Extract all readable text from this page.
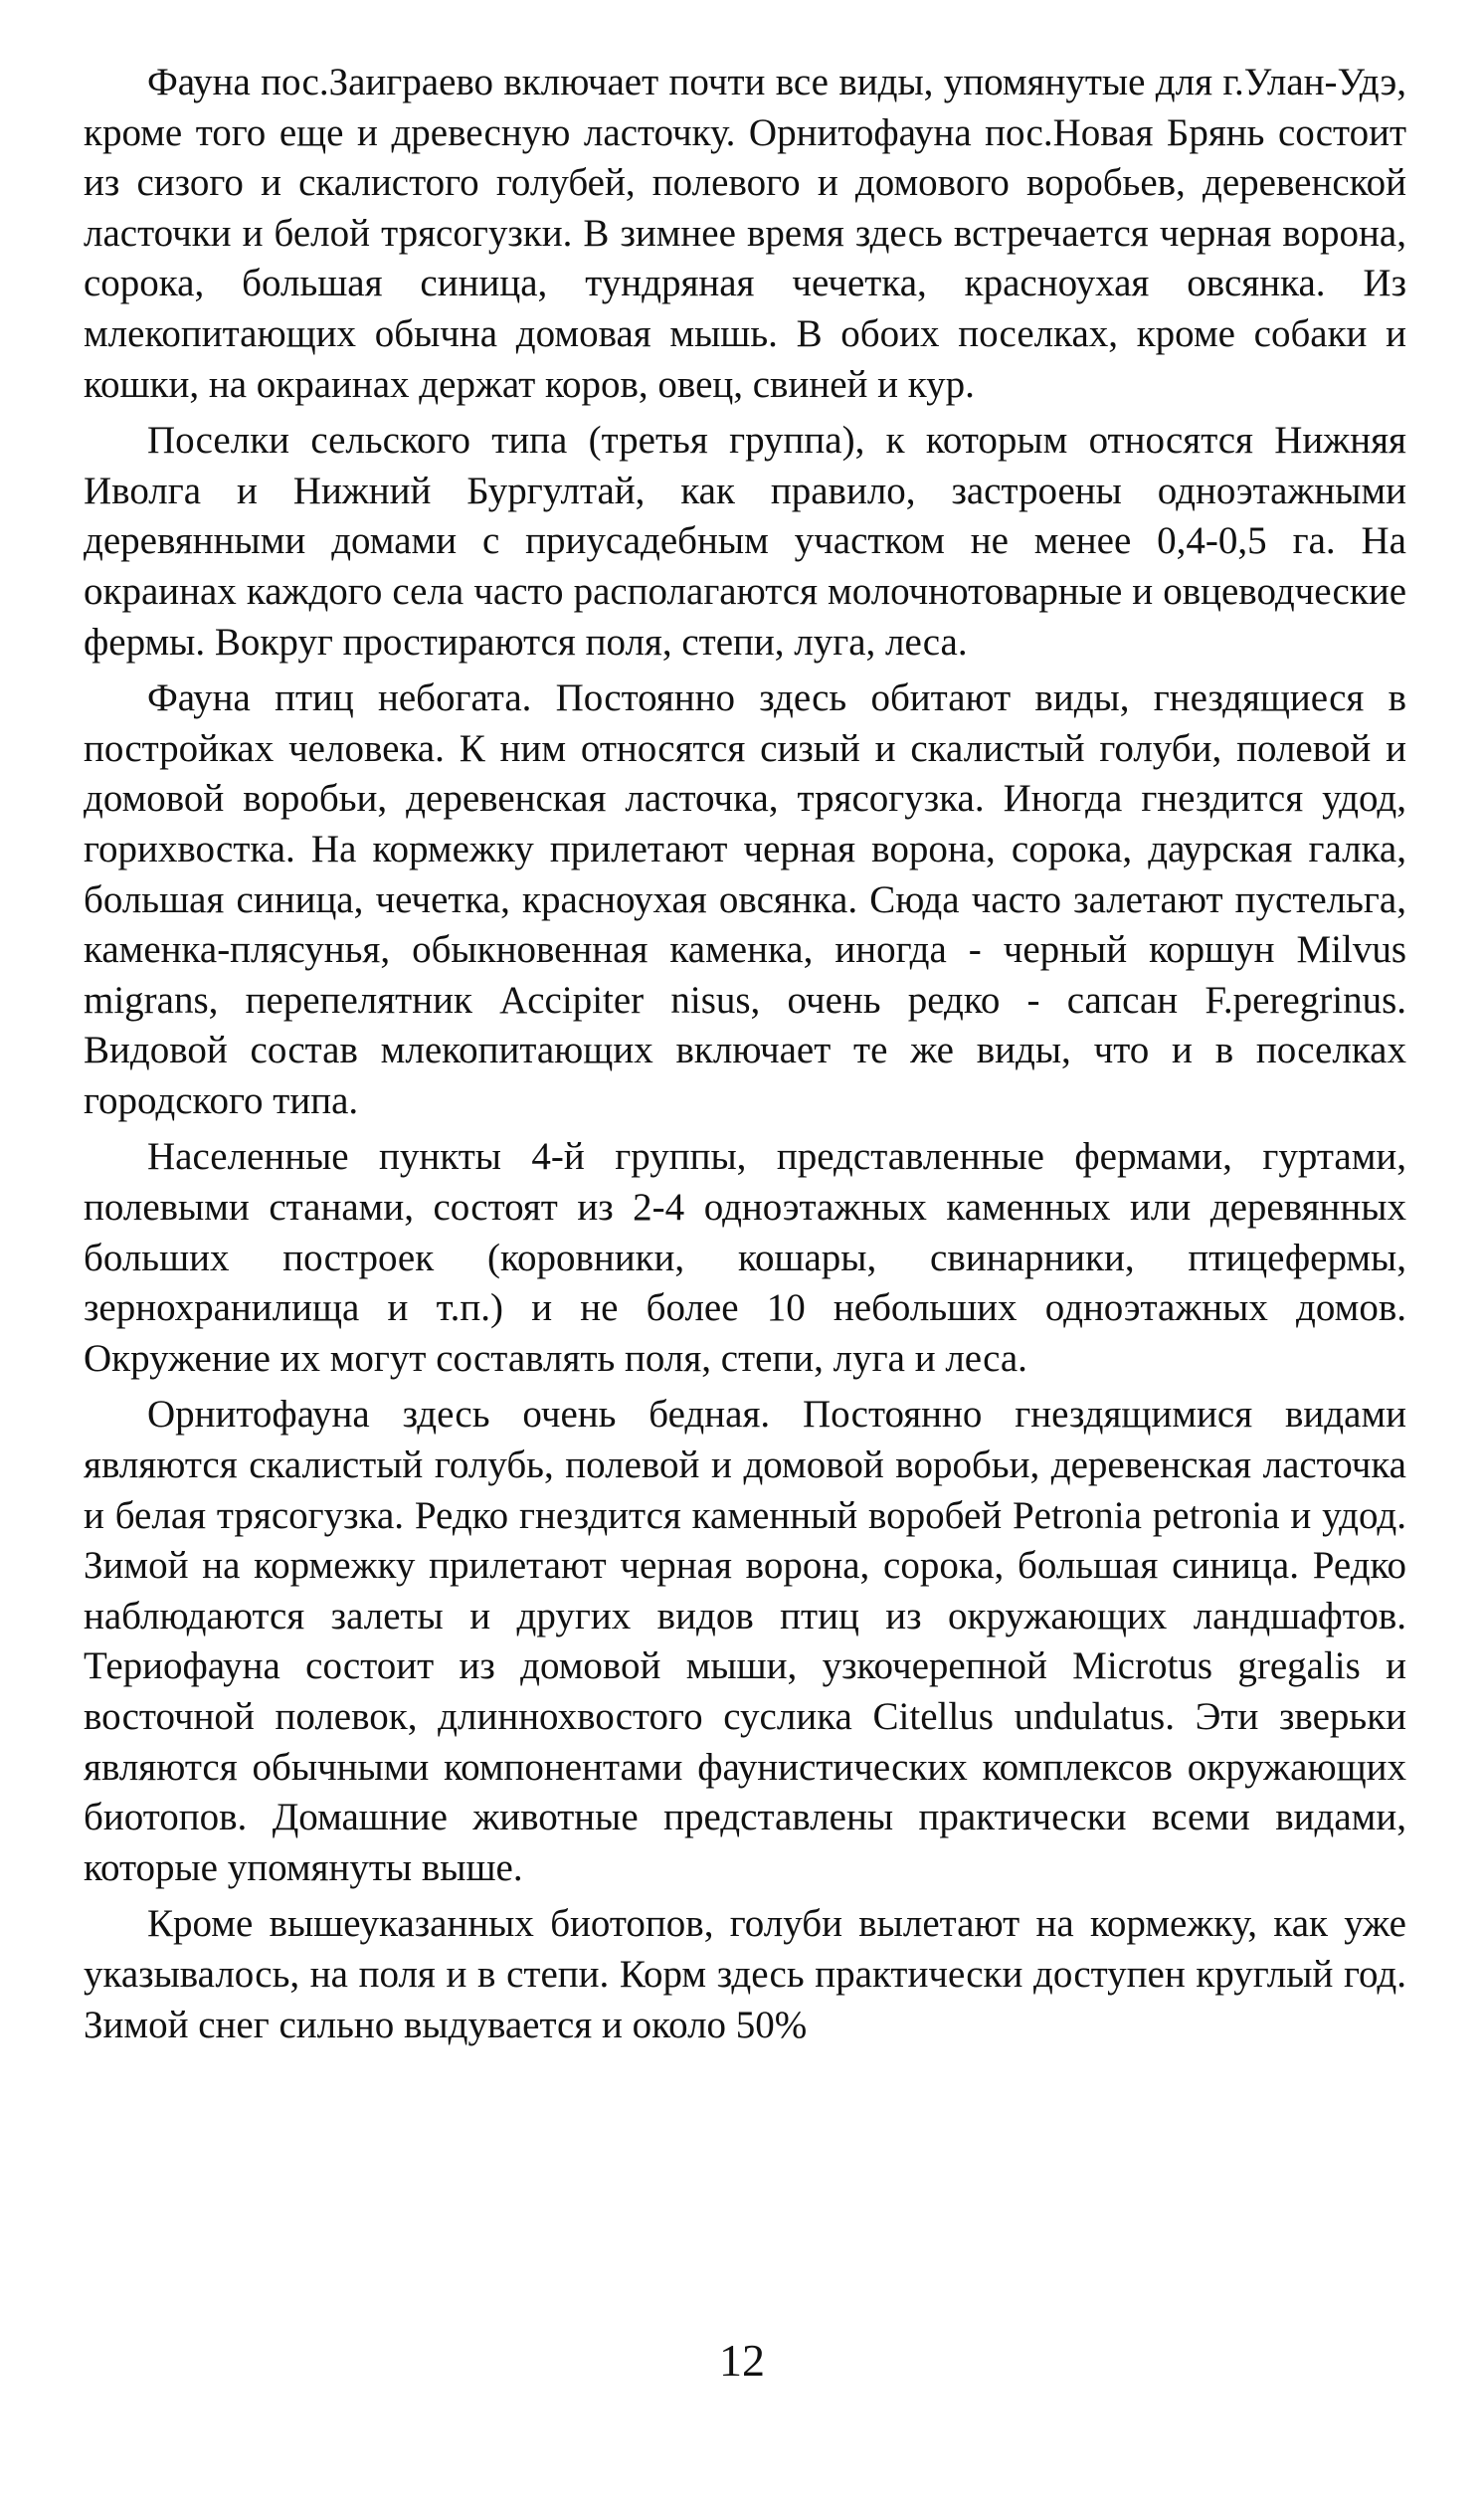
Фауна пос.Заиграево включает почти все виды, упомянутые для г.Улан-Удэ, кроме того еще и древесную ласточку. Орнитофауна пос.Новая Брянь состоит из сизого и скалистого голубей, полевого и домового воробьев, деревенской ласточки и белой трясогузки. В зимнее время здесь встречается черная ворона, сорока, большая синица, тундряная чечетка, красноухая овсянка. Из млекопитающих обычна домовая мышь. В обоих поселках, кроме собаки и кошки, на окраинах держат коров, овец, свиней и кур.

Поселки сельского типа (третья группа), к которым относятся Нижняя Иволга и Нижний Бургултай, как правило, застроены одноэтажными деревянными домами с приусадебным участком не менее 0,4-0,5 га. На окраинах каждого села часто располагаются молочнотоварные и овцеводческие фермы. Вокруг простираются поля, степи, луга, леса.

Фауна птиц небогата. Постоянно здесь обитают виды, гнездящиеся в постройках человека. К ним относятся сизый и скалистый голуби, полевой и домовой воробьи, деревенская ласточка, трясогузка. Иногда гнездится удод, горихвостка. На кормежку прилетают черная ворона, сорока, даурская галка, большая синица, чечетка, красноухая овсянка. Сюда часто залетают пустельга, каменка-плясунья, обыкновенная каменка, иногда - черный коршун Milvus migrans, перепелятник Accipiter nisus, очень редко - сапсан F.peregrinus. Видовой состав млекопитающих включает те же виды, что и в поселках городского типа.

Населенные пункты 4-й группы, представленные фермами, гуртами, полевыми станами, состоят из 2-4 одноэтажных каменных или деревянных больших построек (коровники, кошары, свинарники, птицефермы, зернохранилища и т.п.) и не более 10 небольших одноэтажных домов. Окружение их могут составлять поля, степи, луга и леса.

Орнитофауна здесь очень бедная. Постоянно гнездящимися видами являются скалистый голубь, полевой и домовой воробьи, деревенская ласточка и белая трясогузка. Редко гнездится каменный воробей Petronia petronia и удод. Зимой на кормежку прилетают черная ворона, сорока, большая синица. Редко наблюдаются залеты и других видов птиц из окружающих ландшафтов. Териофауна состоит из домовой мыши, узкочерепной Microtus gregalis и восточной полевок, длиннохвостого суслика Citellus undulatus. Эти зверьки являются обычными компонентами фаунистических комплексов окружающих биотопов. Домашние животные представлены практически всеми видами, которые упомянуты выше.

Кроме вышеуказанных биотопов, голуби вылетают на кормежку, как уже указывалось, на поля и в степи. Корм здесь практически доступен круглый год. Зимой снег сильно выдувается и около 50%

12
